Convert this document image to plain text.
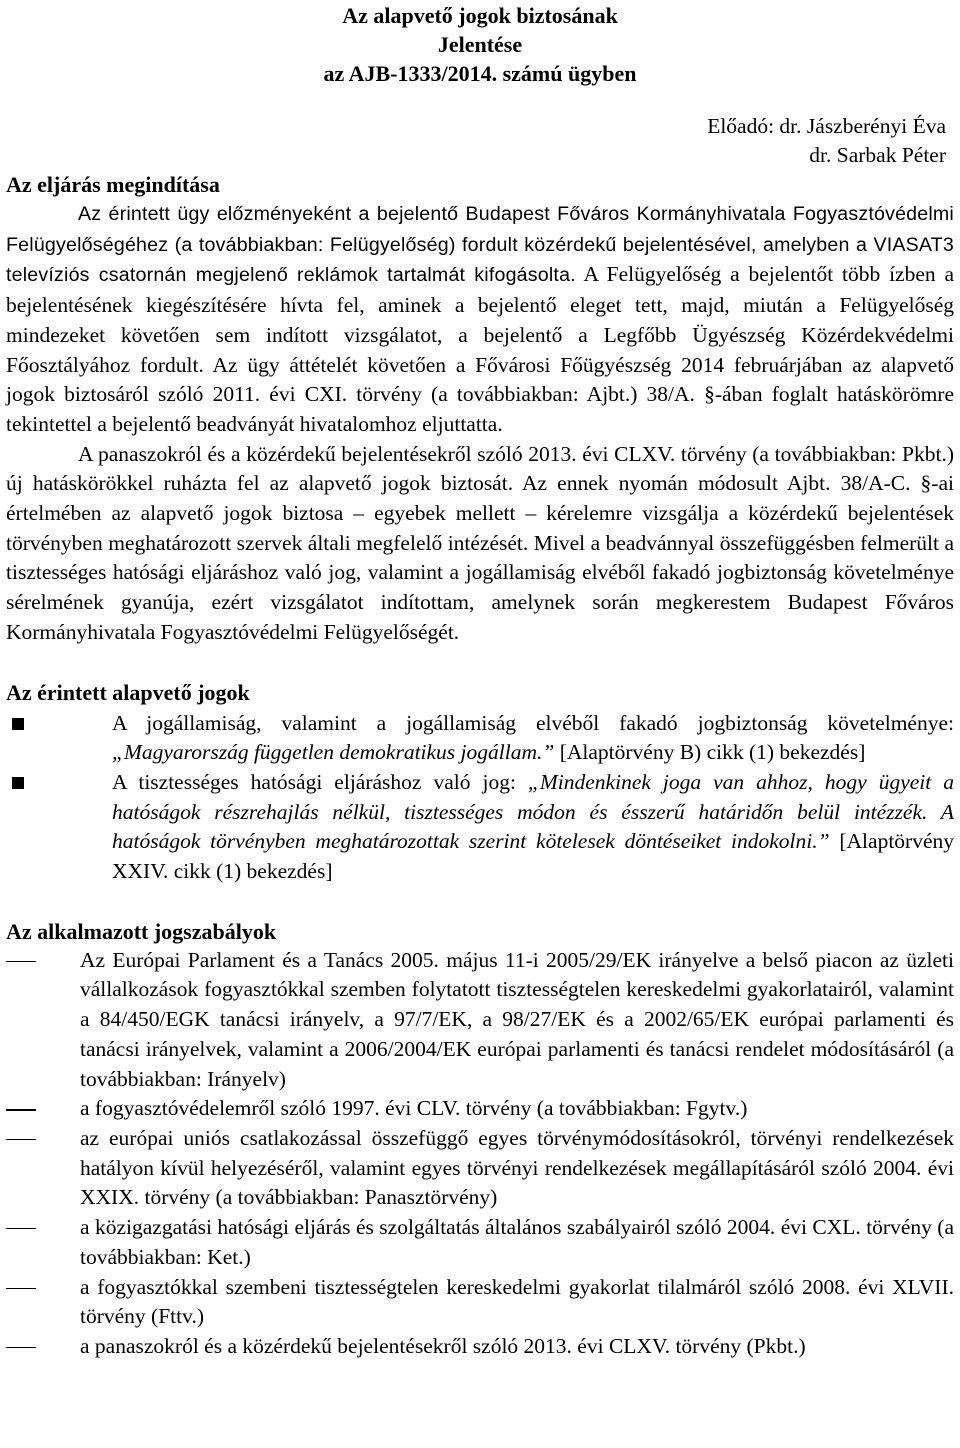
Az alapvető jogok biztosának
Jelentése
az AJB-1333/2014. számú ügyben
Előadó: dr. Jászberényi Éva
dr. Sarbak Péter
Az eljárás megindítása

Az érintett ügy előzményeként a bejelentő Budapest Főváros Kormányhivatala Fogyasztóvédelmi Felügyelőségéhez (a továbbiakban: Felügyelőség) fordult közérdekű bejelentésével, amelyben a VIASAT3 televíziós csatornán megjelenő reklámok tartalmát kifogásolta. A Felügyelőség a bejelentőt több ízben a bejelentésének kiegészítésére hívta fel, aminek a bejelentő eleget tett, majd, miután a Felügyelőség mindezeket követően sem indított vizsgálatot, a bejelentő a Legfőbb Ügyészség Közérdekvédelmi Főosztályához fordult. Az ügy áttételét követően a Fővárosi Főügyészség 2014 februárjában az alapvető jogok biztosáról szóló 2011. évi CXI. törvény (a továbbiakban: Ajbt.) 38/A. §-ában foglalt hatáskörömre tekintettel a bejelentő beadványát hivatalomhoz eljuttatta.

A panaszokról és a közérdekű bejelentésekről szóló 2013. évi CLXV. törvény (a továbbiakban: Pkbt.) új hatáskörökkel ruházta fel az alapvető jogok biztosát. Az ennek nyomán módosult Ajbt. 38/A-C. §-ai értelmében az alapvető jogok biztosa – egyebek mellett – kérelemre vizsgálja a közérdekű bejelentések törvényben meghatározott szervek általi megfelelő intézését. Mivel a beadvánnyal összefüggésben felmerült a tisztességes hatósági eljáráshoz való jog, valamint a jogállamiság elvéből fakadó jogbiztonság követelménye sérelmének gyanúja, ezért vizsgálatot indítottam, amelynek során megkerestem Budapest Főváros Kormányhivatala Fogyasztóvédelmi Felügyelőségét.

Az érintett alapvető jogok
A jogállamiság, valamint a jogállamiság elvéből fakadó jogbiztonság követelménye: „Magyarország független demokratikus jogállam.” [Alaptörvény B) cikk (1) bekezdés]
A tisztességes hatósági eljáráshoz való jog: „Mindenkinek joga van ahhoz, hogy ügyeit a hatóságok részrehajlás nélkül, tisztességes módon és ésszerű határidőn belül intézzék. A hatóságok törvényben meghatározottak szerint kötelesek döntéseiket indokolni.” [Alaptörvény XXIV. cikk (1) bekezdés]
Az alkalmazott jogszabályok
Az Európai Parlament és a Tanács 2005. május 11-i 2005/29/EK irányelve a belső piacon az üzleti vállalkozások fogyasztókkal szemben folytatott tisztességtelen kereskedelmi gyakorlatairól, valamint a 84/450/EGK tanácsi irányelv, a 97/7/EK, a 98/27/EK és a 2002/65/EK európai parlamenti és tanácsi irányelvek, valamint a 2006/2004/EK európai parlamenti és tanácsi rendelet módosításáról (a továbbiakban: Irányelv)
a fogyasztóvédelemről szóló 1997. évi CLV. törvény (a továbbiakban: Fgytv.)
az európai uniós csatlakozással összefüggő egyes törvénymódosításokról, törvényi rendelkezések hatályon kívül helyezéséről, valamint egyes törvényi rendelkezések megállapításáról szóló 2004. évi XXIX. törvény (a továbbiakban: Panasztörvény)
a közigazgatási hatósági eljárás és szolgáltatás általános szabályairól szóló 2004. évi CXL. törvény (a továbbiakban: Ket.)
a fogyasztókkal szembeni tisztességtelen kereskedelmi gyakorlat tilalmáról szóló 2008. évi XLVII. törvény (Fttv.)
a panaszokról és a közérdekű bejelentésekről szóló 2013. évi CLXV. törvény (Pkbt.)
